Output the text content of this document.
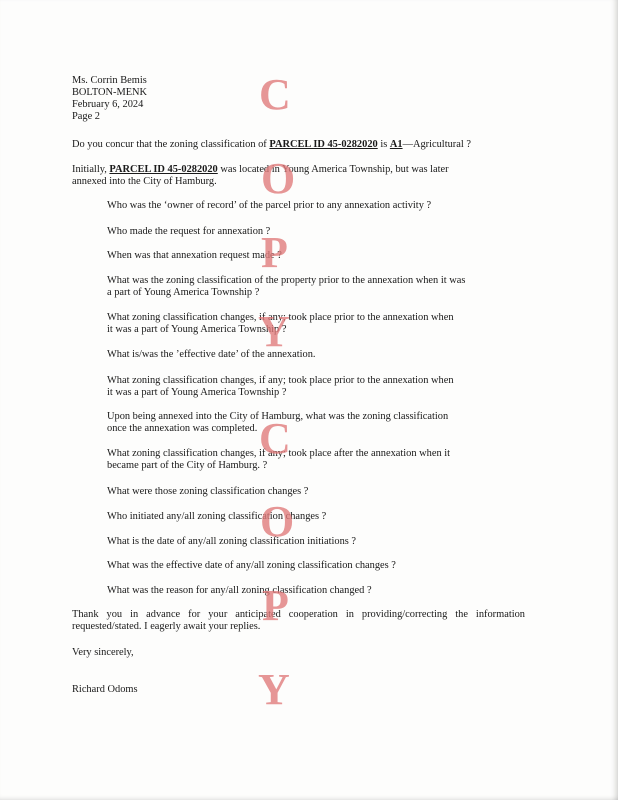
Ms. Corrin Bemis
BOLTON-MENK
February 6, 2024
Page 2
Do you concur that the zoning classification of PARCEL ID 45-0282020 is A1—Agricultural ?
Initially, PARCEL ID 45-0282020 was located in Young America Township, but was later
annexed into the City of Hamburg.
Who was the ‘owner of record’ of the parcel prior to any annexation activity ?
Who made the request for annexation ?
When was that annexation request made ?
What was the zoning classification of the property prior to the annexation when it was
a part of Young America Township ?
What zoning classification changes, if any; took place prior to the annexation when
it was a part of Young America Township ?
What is/was the ’effective date’ of the annexation.
What zoning classification changes, if any; took place prior to the annexation when
it was a part of Young America Township ?
Upon being annexed into the City of Hamburg, what was the zoning classification
once the annexation was completed.
What zoning classification changes, if any; took place after the annexation when it
became part of the City of Hamburg. ?
What were those zoning classification changes ?
Who initiated any/all zoning classification changes ?
What is the date of any/all zoning classification initiations ?
What was the effective date of any/all zoning classification changes ?
What was the reason for any/all zoning classification changed ?
Thank you in advance for your anticipated cooperation in providing/correcting the information requested/stated. I eagerly await your replies.
Very sincerely,
Richard Odoms
C
O
P
Y
C
O
P
Y
